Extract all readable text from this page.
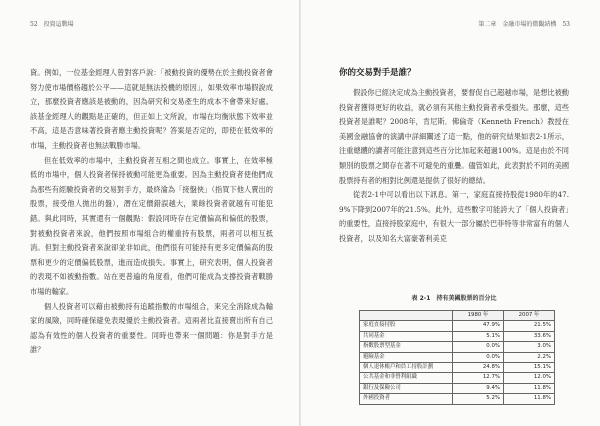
52 投資這戰場

資。例如，一位基金經理人曾對客戶說：「被動投資的優勢在於主動投資者會努力使市場價格趨於公平——這就是無法投機的原因」，如果效率市場假說成立，那麼投資者應該是被動的，因為研究和交易產生的成本不會帶來好處。該基金經理人的觀點是正確的，但正如上文所說，市場在均衡狀態下效率並不高，這是否意味著投資者應主動投資呢？答案是否定的，即使在低效率的市場，主動投資者也無法戰勝市場。

但在低效率的市場中，主動投資者互相之間也成立。事實上，在效率極低的市場中，個人投資者保持被動可能更為重要。因為主動投資者使他們成為那些有經驗投資者的交易對手方，最終淪為「接盤俠」（指買下他人賣出的股票，接受他人拋出的盤），潛在定價錯誤越大，業餘投資者就越有可能犯錯。與此同時，其實還有一個觀點：假設同時存在定價偏高和偏低的股票，對被動投資者來說，他們按照市場組合的權重持有股票，兩者可以相互抵消。但對主動投資者來說卻並非如此，他們很有可能持有更多定價偏高的股票和更少的定價偏低股票，進而造成損失。事實上，研究表明，個人投資者的表現不如被動指數。站在更普遍的角度看，他們可能成為支撐投資者戰勝市場的輸家。

個人投資者可以藉由被動持有追蹤指數的市場組合，來完全消除成為輸家的風險，同時確保避免表現優於主動投資者。這兩者比直接賣出所有自己認為有效性的個人投資者的重要性。同時也帶來一個問題：你是對手方是誰？

第二章　金融市場的微觀結構 53
你的交易對手是誰？

假設你已經決定成為主動投資者，要督促自己超越市場，是想比被動投資者獲得更好的收益，就必須有其他主動投資者承受損失。那麼，這些投資者是誰呢？2008年，肯尼斯．佛倫奇（Kenneth French）教授在美國金融協會的演講中詳細闡述了這一點，他的研究結果如表2-1所示，注重總體的讀者可能注意到這些百分比加起來超過100%。這是由於不同類別的股票之間存在著不可避免的重疊。儘管如此，此表對於不同的美國股票持有者的相對比例還是提供了很好的總結。

從表2-1中可以看出以下訊息。第一，家庭直接持股從1980年的47.9%下降到2007年的21.5%。此外，這些數字可能誇大了「個人投資者」的重要性，直接持股家庭中，有很大一部分屬於巴菲特等非常富有的個人投資者，以及知名大富豪著利美克

表 2-1　持有美國股票的百分比
	1980 年	2007 年
家庭直接持股	47.9%	21.5%
共同基金	5.1%	33.6%
指數股票型基金	0.0%	3.0%
避險基金	0.0%	2.2%
個人退休帳戶和員工持股計劃	24.8%	15.1%
公共基金和非營利組織	12.7%	12.0%
銀行及保險公司	9.4%	11.8%
外國投資者	5.2%	11.8%
